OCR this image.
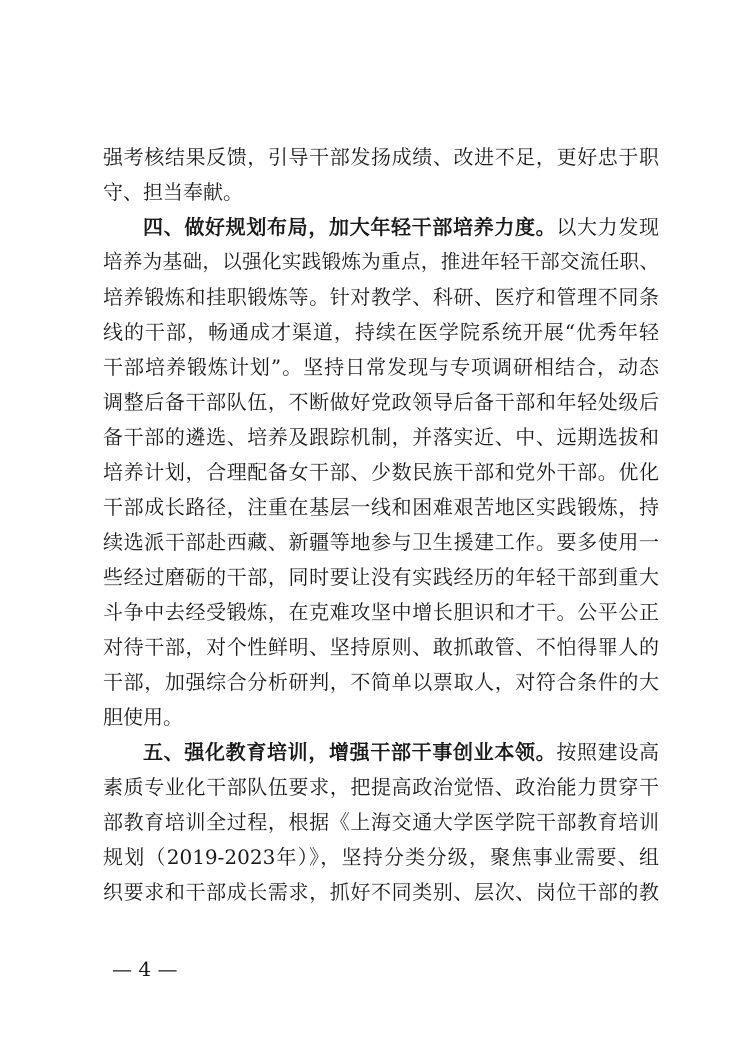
强考核结果反馈，引导干部发扬成绩、改进不足，更好忠于职
守、担当奉献。
四、做好规划布局，加大年轻干部培养力度。以大力发现
培养为基础，以强化实践锻炼为重点，推进年轻干部交流任职、
培养锻炼和挂职锻炼等。针对教学、科研、医疗和管理不同条
线的干部，畅通成才渠道，持续在医学院系统开展“优秀年轻
干部培养锻炼计划”。坚持日常发现与专项调研相结合，动态
调整后备干部队伍，不断做好党政领导后备干部和年轻处级后
备干部的遴选、培养及跟踪机制，并落实近、中、远期选拔和
培养计划，合理配备女干部、少数民族干部和党外干部。优化
干部成长路径，注重在基层一线和困难艰苦地区实践锻炼，持
续选派干部赴西藏、新疆等地参与卫生援建工作。要多使用一
些经过磨砺的干部，同时要让没有实践经历的年轻干部到重大
斗争中去经受锻炼，在克难攻坚中增长胆识和才干。公平公正
对待干部，对个性鲜明、坚持原则、敢抓敢管、不怕得罪人的
干部，加强综合分析研判，不简单以票取人，对符合条件的大
胆使用。
五、强化教育培训，增强干部干事创业本领。按照建设高
素质专业化干部队伍要求，把提高政治觉悟、政治能力贯穿干
部教育培训全过程，根据《上海交通大学医学院干部教育培训
规划（2019-2023年）》，坚持分类分级，聚焦事业需要、组
织要求和干部成长需求，抓好不同类别、层次、岗位干部的教
— 4 —
